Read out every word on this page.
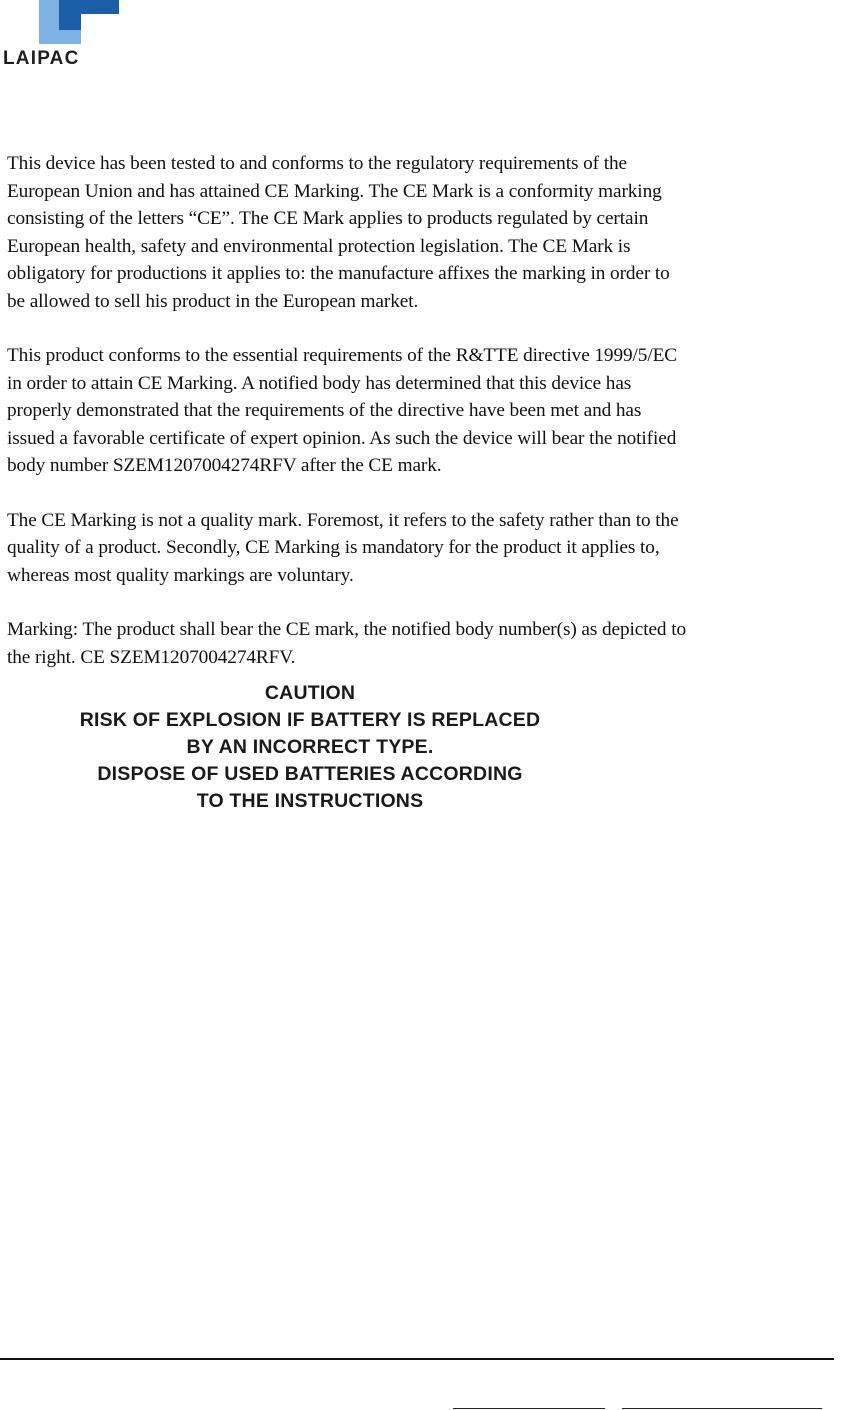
LAIPAC

This device has been tested to and conforms to the regulatory requirements of the
European Union and has attained CE Marking. The CE Mark is a conformity marking
consisting of the letters “CE”. The CE Mark applies to products regulated by certain
European health, safety and environmental protection legislation. The CE Mark is
obligatory for productions it applies to: the manufacture affixes the marking in order to
be allowed to sell his product in the European market.

This product conforms to the essential requirements of the R&TTE directive 1999/5/EC
in order to attain CE Marking. A notified body has determined that this device has
properly demonstrated that the requirements of the directive have been met and has
issued a favorable certificate of expert opinion. As such the device will bear the notified
body number SZEM1207004274RFV after the CE mark.

The CE Marking is not a quality mark. Foremost, it refers to the safety rather than to the
quality of a product. Secondly, CE Marking is mandatory for the product it applies to,
whereas most quality markings are voluntary.

Marking: The product shall bear the CE mark, the notified body number(s) as depicted to
the right. CE SZEM1207004274RFV.

CAUTION
RISK OF EXPLOSION IF BATTERY IS REPLACED
BY AN INCORRECT TYPE.
DISPOSE OF USED BATTERIES ACCORDING
TO THE INSTRUCTIONS
